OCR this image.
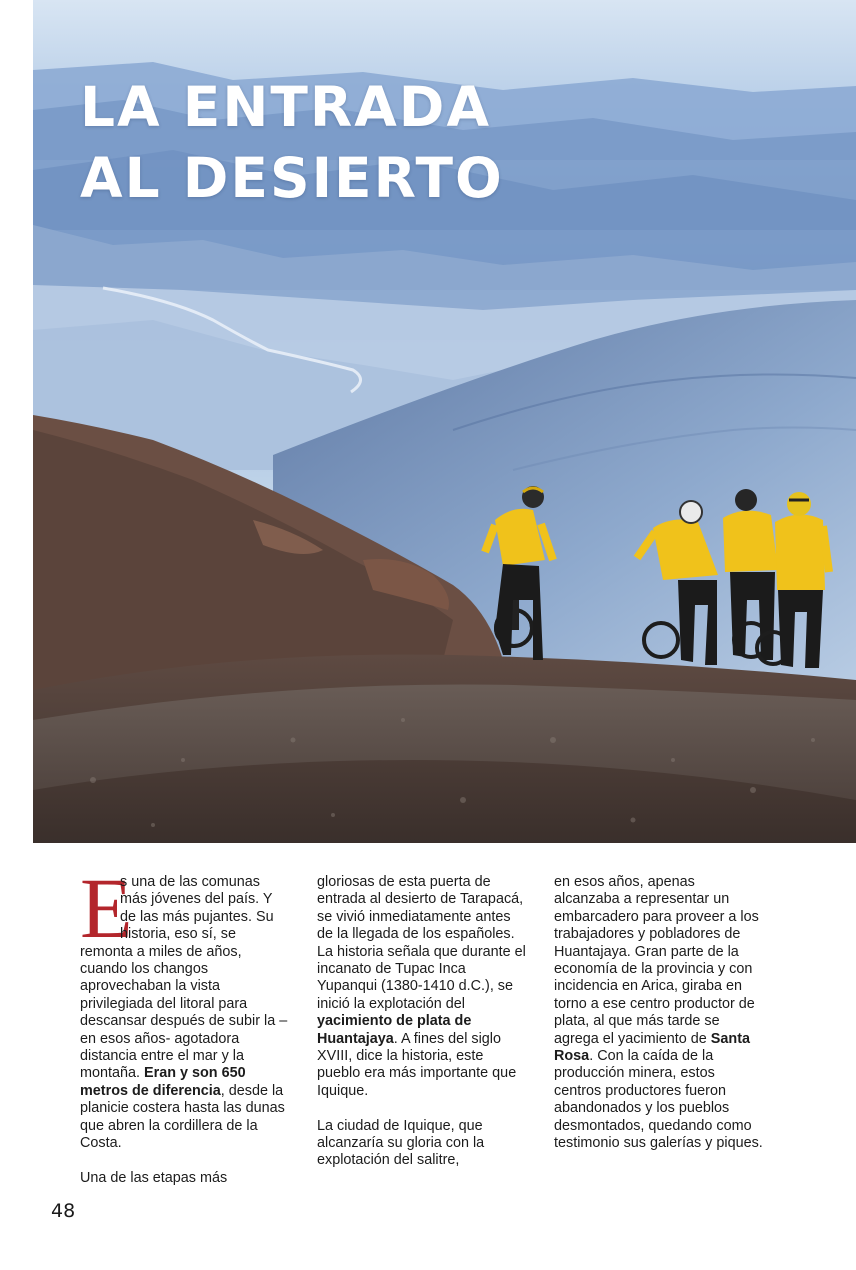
LA ENTRADA
AL DESIERTO

E
s una de las comunas más jóvenes del país. Y de las más pujantes. Su historia, eso sí, se remonta a miles de años, cuando los changos aprovechaban la vista privilegiada del litoral para descansar después de subir la –en esos años- agotadora distancia entre el mar y la montaña. Eran y son 650 metros de diferencia, desde la planicie costera hasta las dunas que abren la cordillera de la Costa.

Una de las etapas más

gloriosas de esta puerta de entrada al desierto de Tarapacá, se vivió inmediatamente antes de la llegada de los españoles. La historia señala que durante el incanato de Tupac Inca Yupanqui (1380-1410 d.C.), se inició la explotación del yacimiento de plata de Huantajaya. A fines del siglo XVIII, dice la historia, este pueblo era más importante que Iquique.

La ciudad de Iquique, que alcanzaría su gloria con la explotación del salitre,

en esos años, apenas alcanzaba a representar un embarcadero para proveer a los trabajadores y pobladores de Huantajaya. Gran parte de la economía de la provincia y con incidencia en Arica, giraba en torno a ese centro productor de plata, al que más tarde se agrega el yacimiento de Santa Rosa. Con la caída de la producción minera, estos centros productores fueron abandonados y los pueblos desmontados, quedando como testimonio sus galerías y piques.

48
